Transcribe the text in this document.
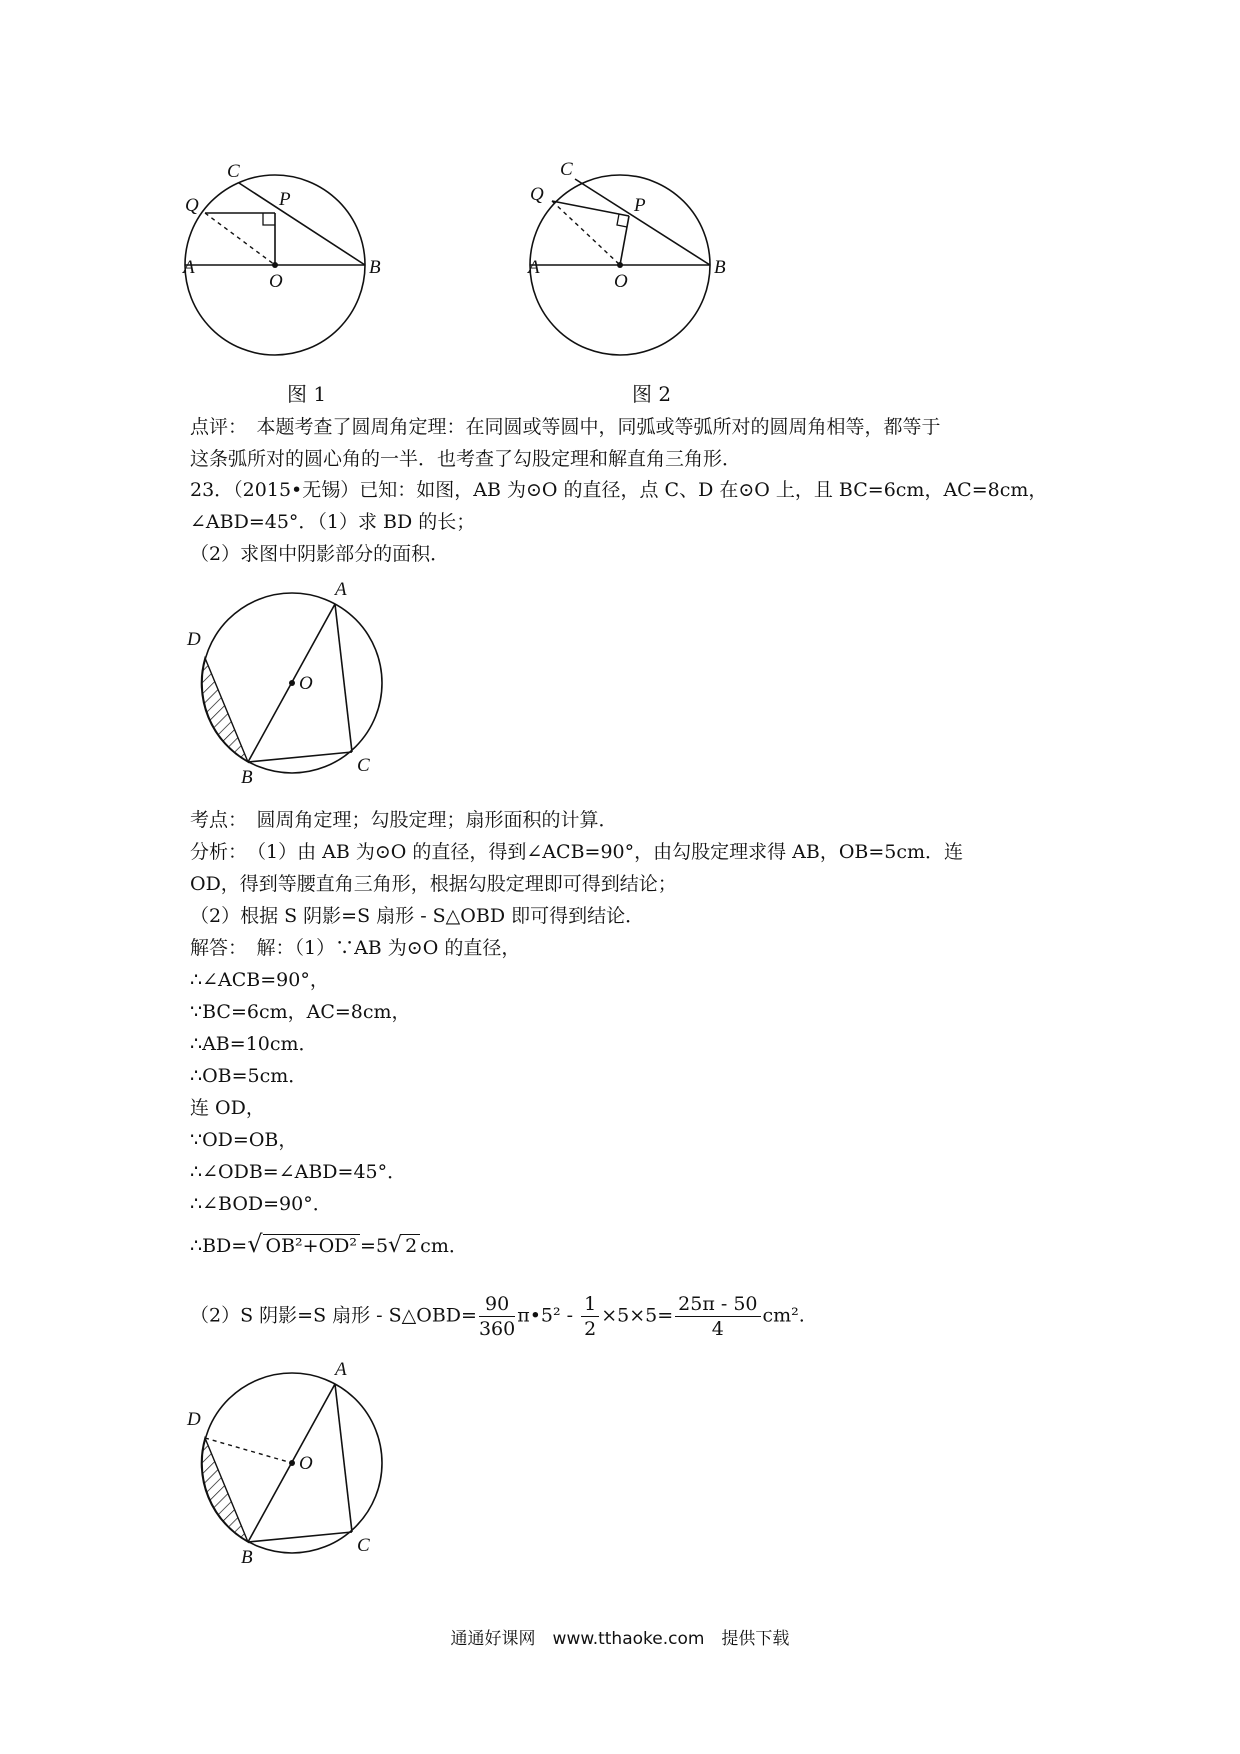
C
Q	P
A
O
B
图 1
C
Q
P
A
O
B
图 2
点评：　本题考查了圆周角定理：在同圆或等圆中，同弧或等弧所对的圆周角相等，都等于
这条弧所对的圆心角的一半．也考查了勾股定理和解直角三角形．
23．（2015•无锡）已知：如图，AB 为⊙O 的直径，点 C、D 在⊙O 上，且 BC=6cm，AC=8cm，
∠ABD=45°．（1）求 BD 的长；
（2）求图中阴影部分的面积．
A
D
O
B
C
考点：　圆周角定理；勾股定理；扇形面积的计算．
分析：　（1）由 AB 为⊙O 的直径，得到∠ACB=90°，由勾股定理求得 AB，OB=5cm．连
OD，得到等腰直角三角形，根据勾股定理即可得到结论；
（2）根据 S 阴影=S 扇形 - S△OBD 即可得到结论．
解答：　解：（1）∵AB 为⊙O 的直径，
∴∠ACB=90°，
∵BC=6cm，AC=8cm，
∴AB=10cm．
∴OB=5cm．
连 OD，
∵OD=OB，
∴∠ODB=∠ABD=45°．
∴∠BOD=90°．
∴BD=√ OB²+OD² =5√ 2 cm．
（2）S 阴影=S 扇形 - S△OBD= $\frac{90}{360}$ π•5² - $\frac{1}{2} \times 5\times 5= \frac{25\pi - 50}{4} cm^2$.
A
D
O
B
C
通通好课网　www.tthaoke.com　提供下载
